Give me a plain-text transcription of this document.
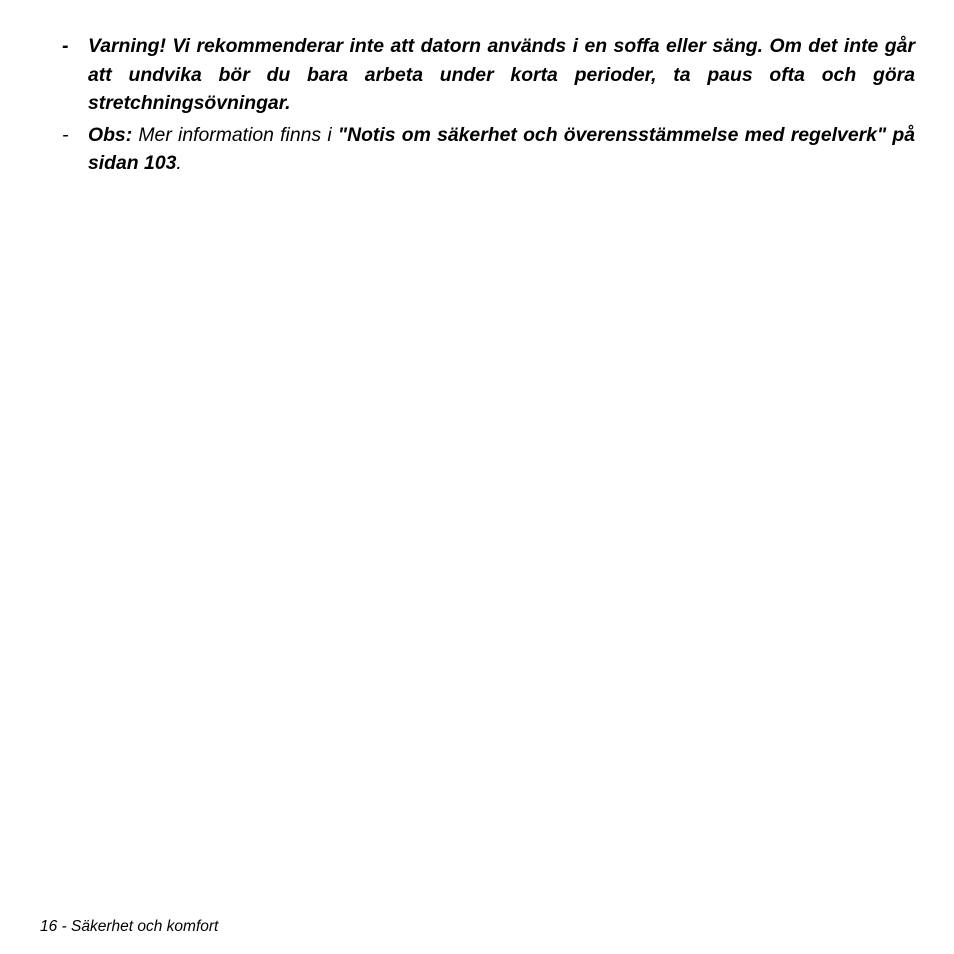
-	Varning! Vi rekommenderar inte att datorn används i en soffa eller säng. Om det inte går att undvika bör du bara arbeta under korta perioder, ta paus ofta och göra stretchningsövningar.
-	Obs: Mer information finns i "Notis om säkerhet och överensstämmelse med regelverk" på sidan 103.
16 - Säkerhet och komfort
